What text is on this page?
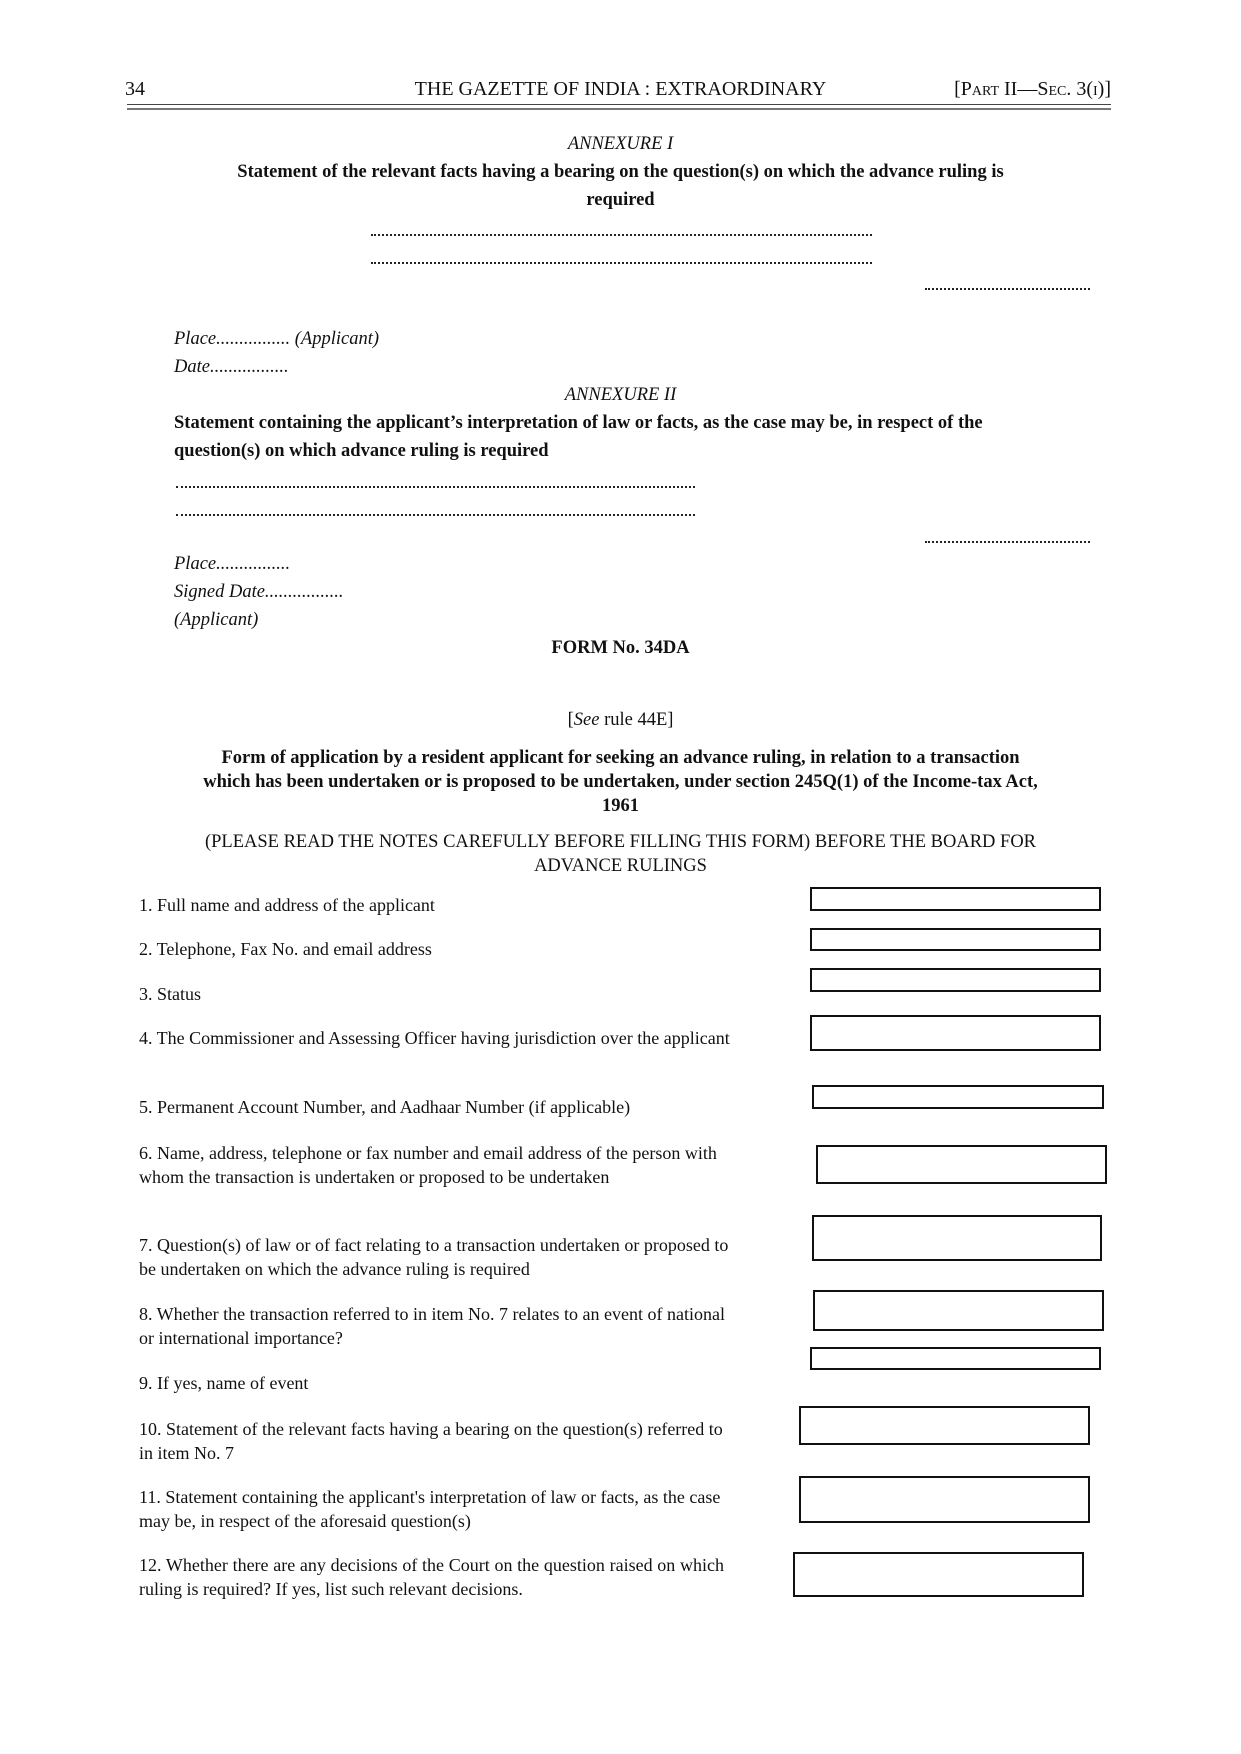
34	THE GAZETTE OF INDIA : EXTRAORDINARY	[Part II—Sec. 3(i)]
ANNEXURE I
Statement of the relevant facts having a bearing on the question(s) on which the advance ruling is
required
Place................ (Applicant)
Date.................
ANNEXURE II
Statement containing the applicant’s interpretation of law or facts, as the case may be, in respect of the
question(s) on which advance ruling is required
Place................
Signed Date.................
(Applicant)
FORM No. 34DA
[See rule 44E]
Form of application by a resident applicant for seeking an advance ruling, in relation to a transaction
which has been undertaken or is proposed to be undertaken, under section 245Q(1) of the Income-tax Act,
1961
(PLEASE READ THE NOTES CAREFULLY BEFORE FILLING THIS FORM) BEFORE THE BOARD FOR
ADVANCE RULINGS
1. Full name and address of the applicant
2. Telephone, Fax No. and email address
3. Status
4. The Commissioner and Assessing Officer having jurisdiction over the applicant
5. Permanent Account Number, and Aadhaar Number (if applicable)
6. Name, address, telephone or fax number and email address of the person with whom the transaction is undertaken or proposed to be undertaken
7. Question(s) of law or of fact relating to a transaction undertaken or proposed to be undertaken on which the advance ruling is required
8. Whether the transaction referred to in item No. 7 relates to an event of national or international importance?
9. If yes, name of event
10. Statement of the relevant facts having a bearing on the question(s) referred to in item No. 7
11. Statement containing the applicant's interpretation of law or facts, as the case may be, in respect of the aforesaid question(s)
12. Whether there are any decisions of the Court on the question raised on which ruling is required? If yes, list such relevant decisions.
